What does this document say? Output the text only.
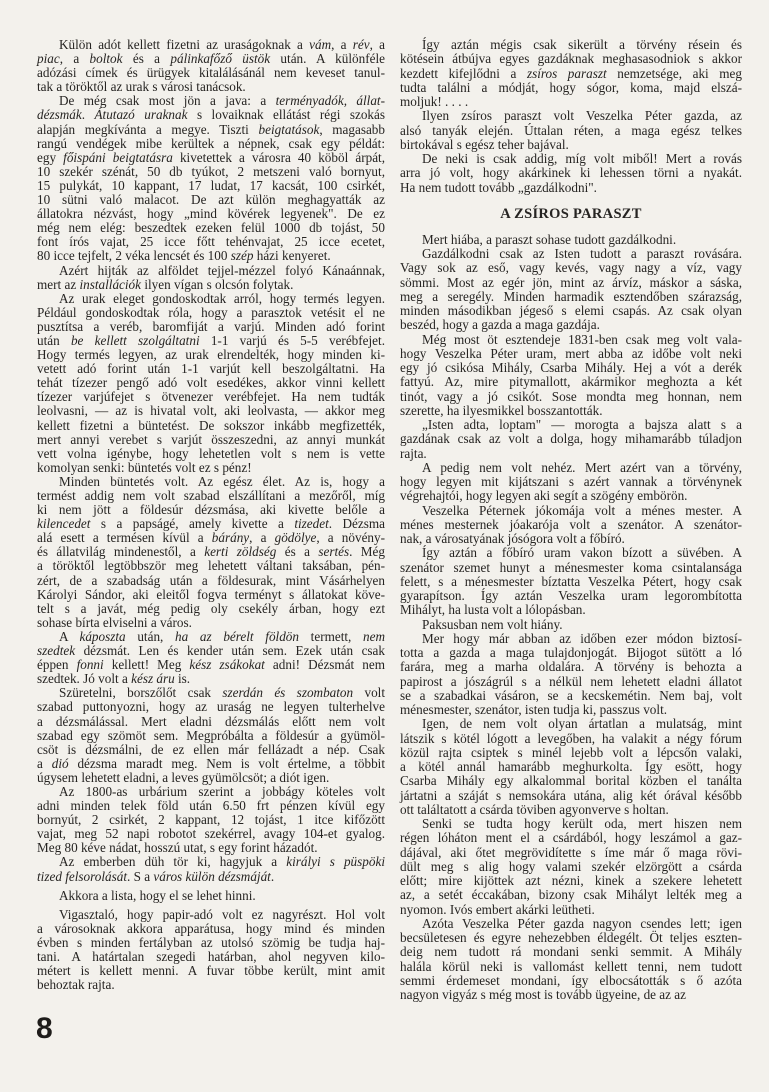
Külön adót kellett fizetni az uraságoknak a vám, a rév, a
piac, a boltok és a pálinkafőző üstök után. A különféle
adózási címek és ürügyek kitalálásánál nem keveset tanul-
tak a töröktől az urak s városi tanácsok.
De még csak most jön a java: a terményadók, állat-
dézsmák. Átutazó uraknak s lovaiknak ellátást régi szokás
alapján megkívánta a megye. Tiszti beigtatások, magasabb
rangú vendégek mibe kerültek a népnek, csak egy példát:
egy főispáni beigtatásra kivetettek a városra 40 köböl árpát,
10 szekér szénát, 50 db tyúkot, 2 metszeni való bornyut,
15 pulykát, 10 kappant, 17 ludat, 17 kacsát, 100 csirkét,
10 sütni való malacot. De azt külön meghagyatták az
állatokra nézvást, hogy „mind kövérek legyenek". De ez
még nem elég: beszedtek ezeken felül 1000 db tojást, 50
font írós vajat, 25 icce főtt tehénvajat, 25 icce ecetet,
80 icce tejfelt, 2 véka lencsét és 100 szép házi kenyeret.
Azért hijták az alföldet tejjel-mézzel folyó Kánaánnak,
mert az installációk ilyen vígan s olcsón folytak.
Az urak eleget gondoskodtak arról, hogy termés legyen.
Például gondoskodtak róla, hogy a parasztok vetésit el ne
pusztítsa a veréb, baromfiját a varjú. Minden adó forint
után be kellett szolgáltatni 1-1 varjú és 5-5 verébfejet.
Hogy termés legyen, az urak elrendelték, hogy minden ki-
vetett adó forint után 1-1 varjút kell beszolgáltatni. Ha
tehát tízezer pengő adó volt esedékes, akkor vinni kellett
tízezer varjúfejet s ötvenezer verébfejet. Ha nem tudták
leolvasni, — az is hivatal volt, aki leolvasta, — akkor meg
kellett fizetni a büntetést. De sokszor inkább megfizették,
mert annyi verebet s varjút összeszedni, az annyi munkát
vett volna igénybe, hogy lehetetlen volt s nem is vette
komolyan senki: büntetés volt ez s pénz!
Minden büntetés volt. Az egész élet. Az is, hogy a
termést addig nem volt szabad elszállítani a mezőről, míg
ki nem jött a földesúr dézsmása, aki kivette belőle a
kilencedet s a papságé, amely kivette a tizedet. Dézsma
alá esett a termésen kívül a bárány, a gödölye, a növény-
és állatvilág mindenestől, a kerti zöldség és a sertés. Még
a töröktől legtöbbször meg lehetett váltani taksában, pén-
zért, de a szabadság után a földesurak, mint Vásárhelyen
Károlyi Sándor, aki eleitől fogva terményt s állatokat köve-
telt s a javát, még pedig oly csekély árban, hogy ezt
sohase bírta elviselni a város.
A káposzta után, ha az bérelt földön termett, nem
szedtek dézsmát. Len és kender után sem. Ezek után csak
éppen fonni kellett! Meg kész zsákokat adni! Dézsmát nem
szedtek. Jó volt a kész áru is.
Szüretelni, borszőlőt csak szerdán és szombaton volt
szabad puttonyozni, hogy az uraság ne legyen tulterhelve
a dézsmálással. Mert eladni dézsmálás előtt nem volt
szabad egy szömöt sem. Megpróbálta a földesúr a gyümöl-
csöt is dézsmálni, de ez ellen már fellázadt a nép. Csak
a dió dézsma maradt meg. Nem is volt értelme, a többit
úgysem lehetett eladni, a leves gyümölcsöt; a diót igen.
Az 1800-as urbárium szerint a jobbágy köteles volt
adni minden telek föld után 6.50 frt pénzen kívül egy
bornyút, 2 csirkét, 2 kappant, 12 tojást, 1 itce kifőzött
vajat, meg 52 napi robotot szekérrel, avagy 104-et gyalog.
Meg 80 kéve nádat, hosszú utat, s egy forint házadót.
Az emberben düh tör ki, hagyjuk a királyi s püspöki
tized felsorolását. S a város külön dézsmáját.
Akkora a lista, hogy el se lehet hinni.
Vigasztaló, hogy papir-adó volt ez nagyrészt. Hol volt
a városoknak akkora apparátusa, hogy mind és minden
évben s minden fertályban az utolsó szömig be tudja haj-
tani. A határtalan szegedi határban, ahol negyven kilo-
métert is kellett menni. A fuvar többe került, mint amit
behoztak rajta.
Így aztán mégis csak sikerült a törvény résein és
kötésein átbújva egyes gazdáknak meghasasodniok s akkor
kezdett kifejlődni a zsíros paraszt nemzetsége, aki meg
tudta találni a módját, hogy sógor, koma, majd elszá-
moljuk! . . . .
Ilyen zsíros paraszt volt Veszelka Péter gazda, az
alsó tanyák elején. Úttalan réten, a maga egész telkes
birtokával s egész teher bajával.
De neki is csak addig, míg volt miből! Mert a rovás
arra jó volt, hogy akárkinek ki lehessen törni a nyakát.
Ha nem tudott tovább „gazdálkodni".
A ZSÍROS PARASZT
Mert hiába, a paraszt sohase tudott gazdálkodni.
Gazdálkodni csak az Isten tudott a paraszt rovására.
Vagy sok az eső, vagy kevés, vagy nagy a víz, vagy
sömmi. Most az egér jön, mint az árvíz, máskor a sáska,
meg a seregély. Minden harmadik esztendőben szárazság,
minden másodikban jégeső s elemi csapás. Az csak olyan
beszéd, hogy a gazda a maga gazdája.
Még most öt esztendeje 1831-ben csak meg volt vala-
hogy Veszelka Péter uram, mert abba az időbe volt neki
egy jó csikósa Mihály, Csarba Mihály. Hej a vót a derék
fattyú. Az, mire pitymallott, akármikor meghozta a két
tinót, vagy a jó csikót. Sose mondta meg honnan, nem
szerette, ha ilyesmikkel bosszantották.
„Isten adta, loptam" — morogta a bajsza alatt s a
gazdának csak az volt a dolga, hogy mihamarább túladjon
rajta.
A pedig nem volt nehéz. Mert azért van a törvény,
hogy legyen mit kijátszani s azért vannak a törvénynek
végrehajtói, hogy legyen aki segít a szögény embörön.
Veszelka Péternek jókomája volt a ménes mester. A
ménes mesternek jóakarója volt a szenátor. A szenátor-
nak, a városatyának jósógora volt a főbíró.
Így aztán a főbíró uram vakon bízott a süvében. A
szenátor szemet hunyt a ménesmester koma csintalansága
felett, s a ménesmester bíztatta Veszelka Pétert, hogy csak
gyarapítson. Így aztán Veszelka uram legorombította
Mihályt, ha lusta volt a lólopásban.
Paksusban nem volt hiány.
Mer hogy már abban az időben ezer módon biztosí-
totta a gazda a maga tulajdonjogát. Bijogot sütött a ló
farára, meg a marha oldalára. A törvény is behozta a
papirost a jószágrúl s a nélkül nem lehetett eladni állatot
se a szabadkai vásáron, se a kecskemétin. Nem baj, volt
ménesmester, szenátor, isten tudja ki, passzus volt.
Igen, de nem volt olyan ártatlan a mulatság, mint
látszik s kötél lógott a levegőben, ha valakit a négy fórum
közül rajta csiptek s minél lejebb volt a lépcsőn valaki,
a kötél annál hamarább meghurkolta. Így esött, hogy
Csarba Mihály egy alkalommal borital közben el tanálta
jártatni a száját s nemsokára utána, alig két órával később
ott találtatott a csárda töviben agyonverve s holtan.
Senki se tudta hogy került oda, mert hiszen nem
régen lóháton ment el a csárdából, hogy leszámol a gaz-
dájával, aki őtet megrövidítette s íme már ő maga rövi-
dült meg s alig hogy valami szekér elzörgött a csárda
előtt; mire kijöttek azt nézni, kinek a szekere lehetett
az, a setét éccakában, bizony csak Mihályt lelték meg a
nyomon. Ivós embert akárki leütheti.
Azóta Veszelka Péter gazda nagyon csendes lett; igen
becsületesen és egyre nehezebben éldegélt. Öt teljes eszten-
deig nem tudott rá mondani senki semmit. A Mihály
halála körül neki is vallomást kellett tenni, nem tudott
semmi érdemeset mondani, így elbocsátották s ő azóta
nagyon vigyáz s még most is tovább ügyeine, de az az
8
